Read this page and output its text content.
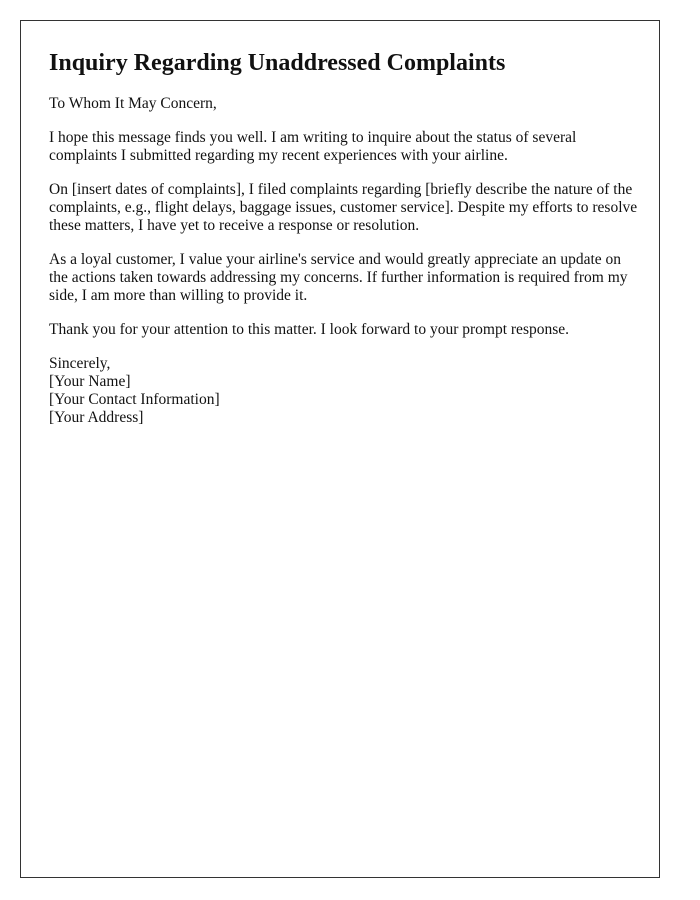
Inquiry Regarding Unaddressed Complaints

To Whom It May Concern,

I hope this message finds you well. I am writing to inquire about the status of several complaints I submitted regarding my recent experiences with your airline.

On [insert dates of complaints], I filed complaints regarding [briefly describe the nature of the complaints, e.g., flight delays, baggage issues, customer service]. Despite my efforts to resolve these matters, I have yet to receive a response or resolution.

As a loyal customer, I value your airline's service and would greatly appreciate an update on the actions taken towards addressing my concerns. If further information is required from my side, I am more than willing to provide it.

Thank you for your attention to this matter. I look forward to your prompt response.

Sincerely,
[Your Name]
[Your Contact Information]
[Your Address]
